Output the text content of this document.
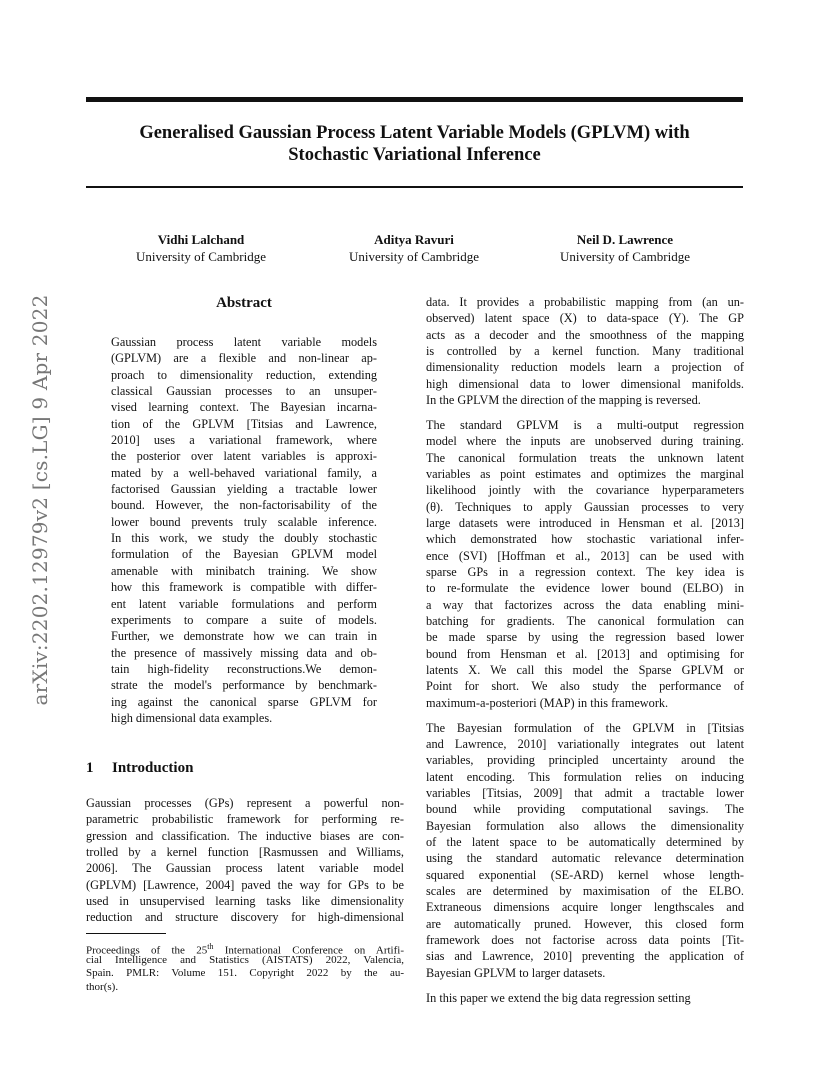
arXiv:2202.12979v2 [cs.LG] 9 Apr 2022
Generalised Gaussian Process Latent Variable Models (GPLVM) with
Stochastic Variational Inference
Vidhi Lalchand
University of Cambridge
Aditya Ravuri
University of Cambridge
Neil D. Lawrence
University of Cambridge
Abstract
Gaussian process latent variable models
(GPLVM) are a flexible and non-linear ap-
proach to dimensionality reduction, extending
classical Gaussian processes to an unsuper-
vised learning context. The Bayesian incarna-
tion of the GPLVM [Titsias and Lawrence,
2010] uses a variational framework, where
the posterior over latent variables is approxi-
mated by a well-behaved variational family, a
factorised Gaussian yielding a tractable lower
bound. However, the non-factorisability of the
lower bound prevents truly scalable inference.
In this work, we study the doubly stochastic
formulation of the Bayesian GPLVM model
amenable with minibatch training. We show
how this framework is compatible with differ-
ent latent variable formulations and perform
experiments to compare a suite of models.
Further, we demonstrate how we can train in
the presence of massively missing data and ob-
tain high-fidelity reconstructions.We demon-
strate the model's performance by benchmark-
ing against the canonical sparse GPLVM for
high dimensional data examples.
1 Introduction
Gaussian processes (GPs) represent a powerful non-
parametric probabilistic framework for performing re-
gression and classification. The inductive biases are con-
trolled by a kernel function [Rasmussen and Williams,
2006]. The Gaussian process latent variable model
(GPLVM) [Lawrence, 2004] paved the way for GPs to be
used in unsupervised learning tasks like dimensionality
reduction and structure discovery for high-dimensional
Proceedings of the 25th International Conference on Artifi-
cial Intelligence and Statistics (AISTATS) 2022, Valencia,
Spain. PMLR: Volume 151. Copyright 2022 by the au-
thor(s).
data. It provides a probabilistic mapping from (an un-
observed) latent space (X) to data-space (Y). The GP
acts as a decoder and the smoothness of the mapping
is controlled by a kernel function. Many traditional
dimensionality reduction models learn a projection of
high dimensional data to lower dimensional manifolds.
In the GPLVM the direction of the mapping is reversed.
The standard GPLVM is a multi-output regression
model where the inputs are unobserved during training.
The canonical formulation treats the unknown latent
variables as point estimates and optimizes the marginal
likelihood jointly with the covariance hyperparameters
(θ). Techniques to apply Gaussian processes to very
large datasets were introduced in Hensman et al. [2013]
which demonstrated how stochastic variational infer-
ence (SVI) [Hoffman et al., 2013] can be used with
sparse GPs in a regression context. The key idea is
to re-formulate the evidence lower bound (ELBO) in
a way that factorizes across the data enabling mini-
batching for gradients. The canonical formulation can
be made sparse by using the regression based lower
bound from Hensman et al. [2013] and optimising for
latents X. We call this model the Sparse GPLVM or
Point for short. We also study the performance of
maximum-a-posteriori (MAP) in this framework.
The Bayesian formulation of the GPLVM in [Titsias
and Lawrence, 2010] variationally integrates out latent
variables, providing principled uncertainty around the
latent encoding. This formulation relies on inducing
variables [Titsias, 2009] that admit a tractable lower
bound while providing computational savings. The
Bayesian formulation also allows the dimensionality
of the latent space to be automatically determined by
using the standard automatic relevance determination
squared exponential (SE-ARD) kernel whose length-
scales are determined by maximisation of the ELBO.
Extraneous dimensions acquire longer lengthscales and
are automatically pruned. However, this closed form
framework does not factorise across data points [Tit-
sias and Lawrence, 2010] preventing the application of
Bayesian GPLVM to larger datasets.
In this paper we extend the big data regression setting
